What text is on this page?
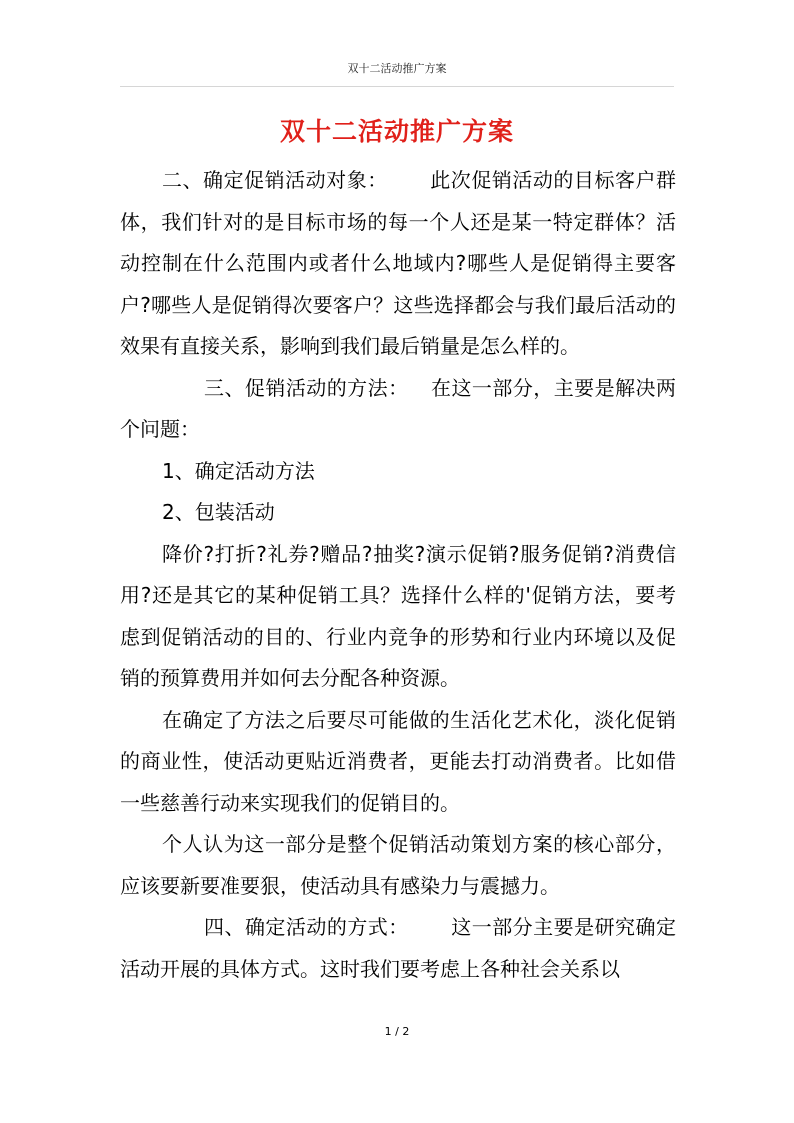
双十二活动推广方案
双十二活动推广方案

二、确定促销活动对象： 此次促销活动的目标客户群体，我们针对的是目标市场的每一个人还是某一特定群体？活动控制在什么范围内或者什么地域内?哪些人是促销得主要客户?哪些人是促销得次要客户？这些选择都会与我们最后活动的效果有直接关系，影响到我们最后销量是怎么样的。

三、促销活动的方法： 在这一部分，主要是解决两个问题：

1、确定活动方法

2、包装活动

降价?打折?礼券?赠品?抽奖?演示促销?服务促销?消费信用?还是其它的某种促销工具？选择什么样的'促销方法，要考虑到促销活动的目的、行业内竞争的形势和行业内环境以及促销的预算费用并如何去分配各种资源。

在确定了方法之后要尽可能做的生活化艺术化，淡化促销的商业性，使活动更贴近消费者，更能去打动消费者。比如借一些慈善行动来实现我们的促销目的。

个人认为这一部分是整个促销活动策划方案的核心部分，应该要新要准要狠，使活动具有感染力与震撼力。

四、确定活动的方式： 这一部分主要是研究确定活动开展的具体方式。这时我们要考虑上各种社会关系以

1 / 2
